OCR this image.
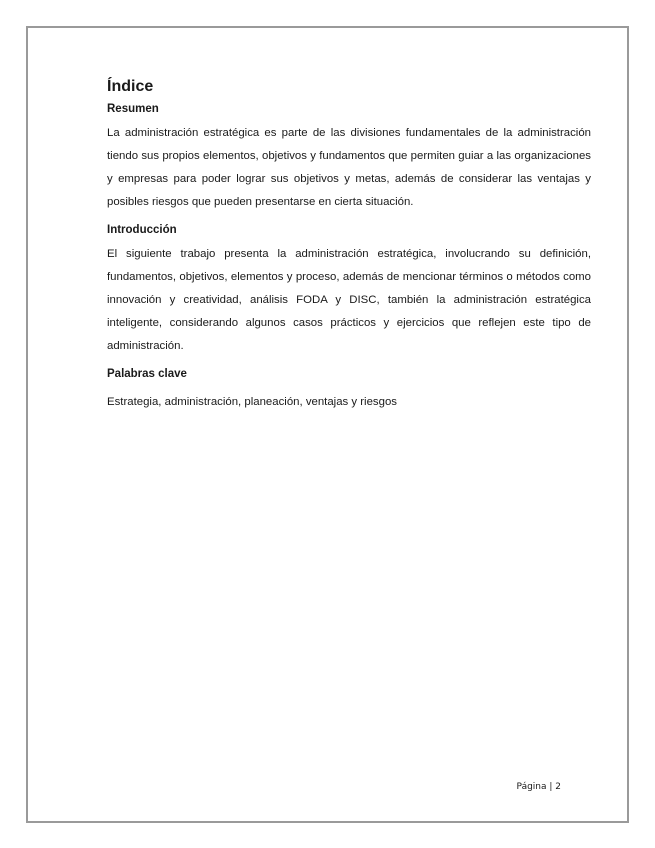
Índice
Resumen

La administración estratégica es parte de las divisiones fundamentales de la administración tiendo sus propios elementos, objetivos y fundamentos que permiten guiar a las organizaciones y empresas para poder lograr sus objetivos y metas, además de considerar las ventajas y posibles riesgos que pueden presentarse en cierta situación.

Introducción

El siguiente trabajo presenta la administración estratégica, involucrando su definición, fundamentos, objetivos, elementos y proceso, además de mencionar términos o métodos como innovación y creatividad, análisis FODA y DISC, también la administración estratégica inteligente, considerando algunos casos prácticos y ejercicios que reflejen este tipo de administración.

Palabras clave

Estrategia, administración, planeación, ventajas y riesgos

Página | 2
